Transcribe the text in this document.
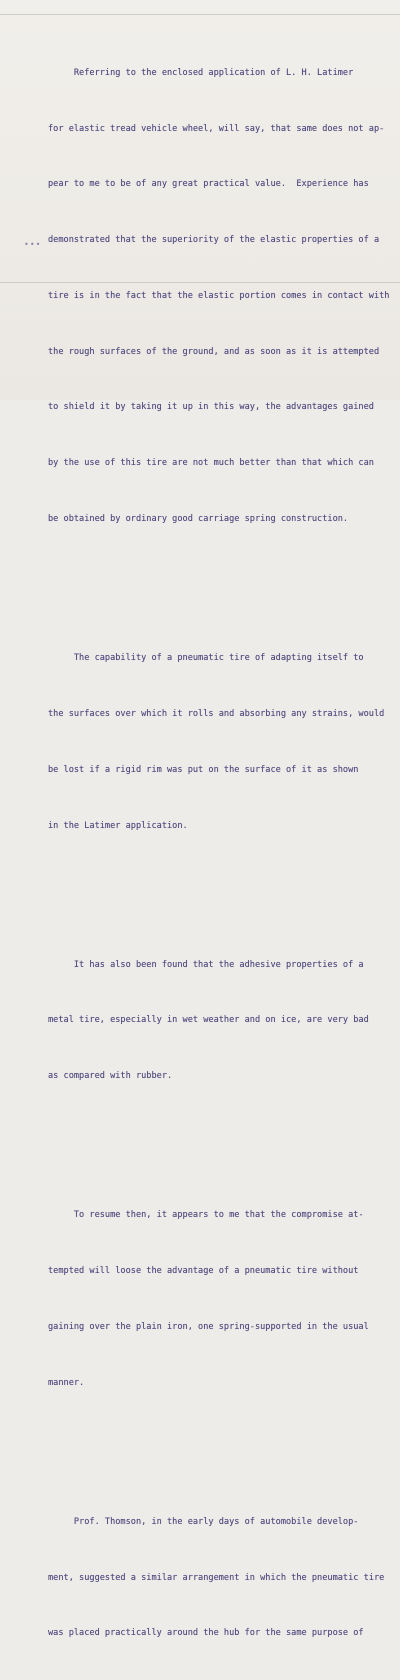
•••

Referring to the enclosed application of L. H. Latimer

for elastic tread vehicle wheel, will say, that same does not ap-

pear to me to be of any great practical value.  Experience has

demonstrated that the superiority of the elastic properties of a

tire is in the fact that the elastic portion comes in contact with

the rough surfaces of the ground, and as soon as it is attempted

to shield it by taking it up in this way, the advantages gained

by the use of this tire are not much better than that which can

be obtained by ordinary good carriage spring construction.

The capability of a pneumatic tire of adapting itself to

the surfaces over which it rolls and absorbing any strains, would

be lost if a rigid rim was put on the surface of it as shown

in the Latimer application.

It has also been found that the adhesive properties of a

metal tire, especially in wet weather and on ice, are very bad

as compared with rubber.

To resume then, it appears to me that the compromise at-

tempted will loose the advantage of a pneumatic tire without

gaining over the plain iron, one spring-supported in the usual

manner.

Prof. Thomson, in the early days of automobile develop-

ment, suggested a similar arrangement in which the pneumatic tire

was placed practically around the hub for the same purpose of
